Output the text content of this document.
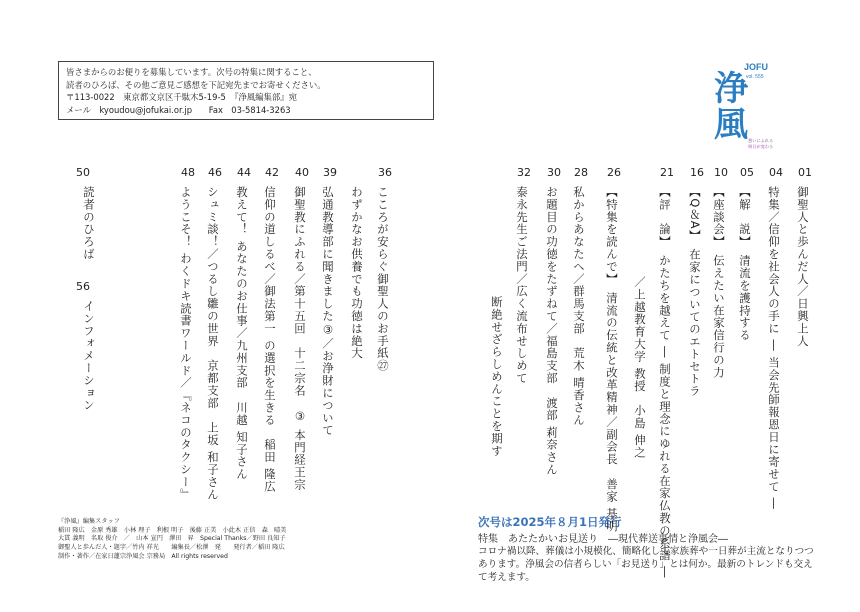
皆さまからのお便りを募集しています。次号の特集に関すること、
読者のひろば、その他ご意見ご感想を下記宛先までお寄せください。
〒113-0022　東京都文京区千駄木5-19-5　『浄風編集部』宛
メール　kyoudou@jofukai.or.jp　　Fax　03-5814-3263
JOFU
vol. 555
浄
風 想いにふれる
明日が変わる
次号は2025年８月1日発行
特集　あたたかいお見送り　―現代葬送事情と浄風会―
コロナ禍以降、葬儀は小規模化、簡略化して家族葬や一日葬が主流となりつつあります。浄風会の信者らしい「お見送り」とは何か。最新のトレンドも交えて考えます。
『浄風』編集スタッフ
稲田 隆広　金原 秀雄　小林 理子　利根 明子　後藤 正美　小此木 正信　森　晴美
大貫 義明　名取 俊介　／　山本 宣円　澤田　昇　Special Thanks／野田 良知子
御聖人と歩んだ人・題字／竹内 祥光　　編集長／松澤　発　　発行者／稲田 隆広
制作・著作／在家日蓮宗浄風会 宗務局　All rights reserved
01
御聖人と歩んだ人／日興上人
04
特集／信仰を社会人の手に ― 当会先師報恩日に寄せて ―
05
【解　説】　清流を護持する
10
【座談会】　伝えたい在家信行の力
16
【Q＆A】　在家についてのエトセトラ
21
【評　論】　かたちを越えて ― 制度と理念にゆれる在家仏教の系譜 ―
／上越教育大学 教授　小島 伸之
26
【特集を読んで】　清流の伝統と改革精神／副会長　善家 基明
28
私からあなたへ／群馬支部　荒木 晴香さん
30
お題目の功徳をたずねて／福島支部　渡部 莉奈さん
32
泰永先生ご法門／広く流布せしめて
断絶せざらしめんことを期す
36
こころが安らぐ御聖人のお手紙㉗
わずかなお供養でも功徳は絶大
39
弘通教導部に聞きました③／お浄財について
40
御聖教にふれる／第十五回　十二宗名　③ 本門経王宗
42
信仰の道しるべ／御法第一 の選択を生きる　稲田 隆広
44
教えて！ あなたのお仕事／九州支部　川越 知子さん
46
シュミ談！／つるし雛の世界　京都支部　上坂 和子さん
48
ようこそ！ わくドキ読書ワールド／『ネコのタクシー』
読者のひろば
56
インフォメーション
50
